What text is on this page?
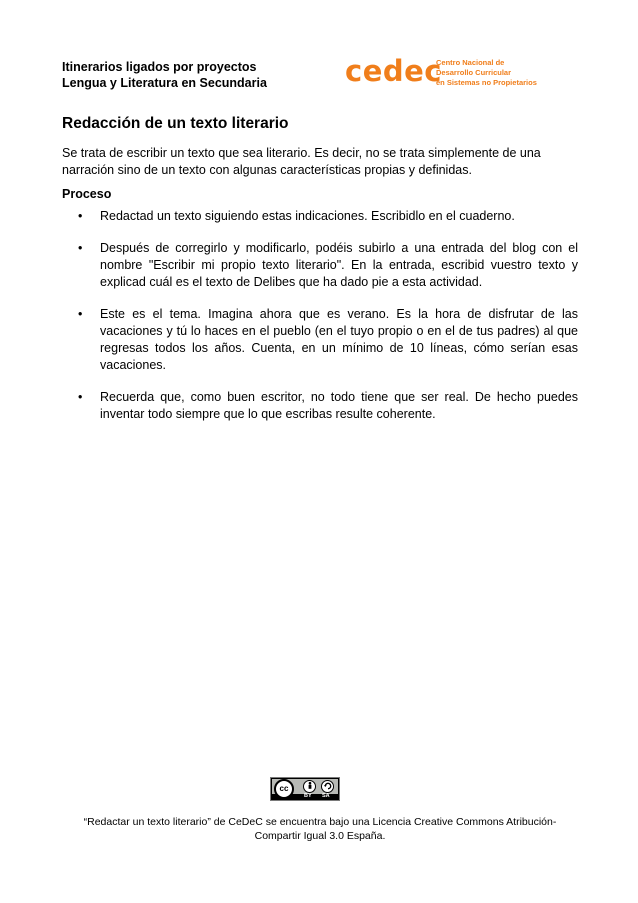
Itinerarios ligados por proyectos
Lengua y Literatura en Secundaria	cedec
Centro Nacional de
Desarrollo Curricular
en Sistemas no Propietarios
Redacción de un texto literario
Se trata de escribir un texto que sea literario. Es decir, no se trata simplemente de una narración sino de un texto con algunas características propias y definidas.
Proceso
• Redactad un texto siguiendo estas indicaciones. Escribidlo en el cuaderno.
• Después de corregirlo y modificarlo, podéis subirlo a una entrada del blog con el nombre "Escribir mi propio texto literario". En la entrada, escribid vuestro texto y explicad cuál es el texto de Delibes que ha dado pie a esta actividad.
• Este es el tema. Imagina ahora que es verano. Es la hora de disfrutar de las vacaciones y tú lo haces en el pueblo (en el tuyo propio o en el de tus padres) al que regresas todos los años. Cuenta, en un mínimo de 10 líneas, cómo serían esas vacaciones.
• Recuerda que, como buen escritor, no todo tiene que ser real. De hecho puedes inventar todo siempre que lo que escribas resulte coherente.
cc
BY SA
“Redactar un texto literario” de CeDeC se encuentra bajo una Licencia Creative Commons Atribución-Compartir Igual 3.0 España.
